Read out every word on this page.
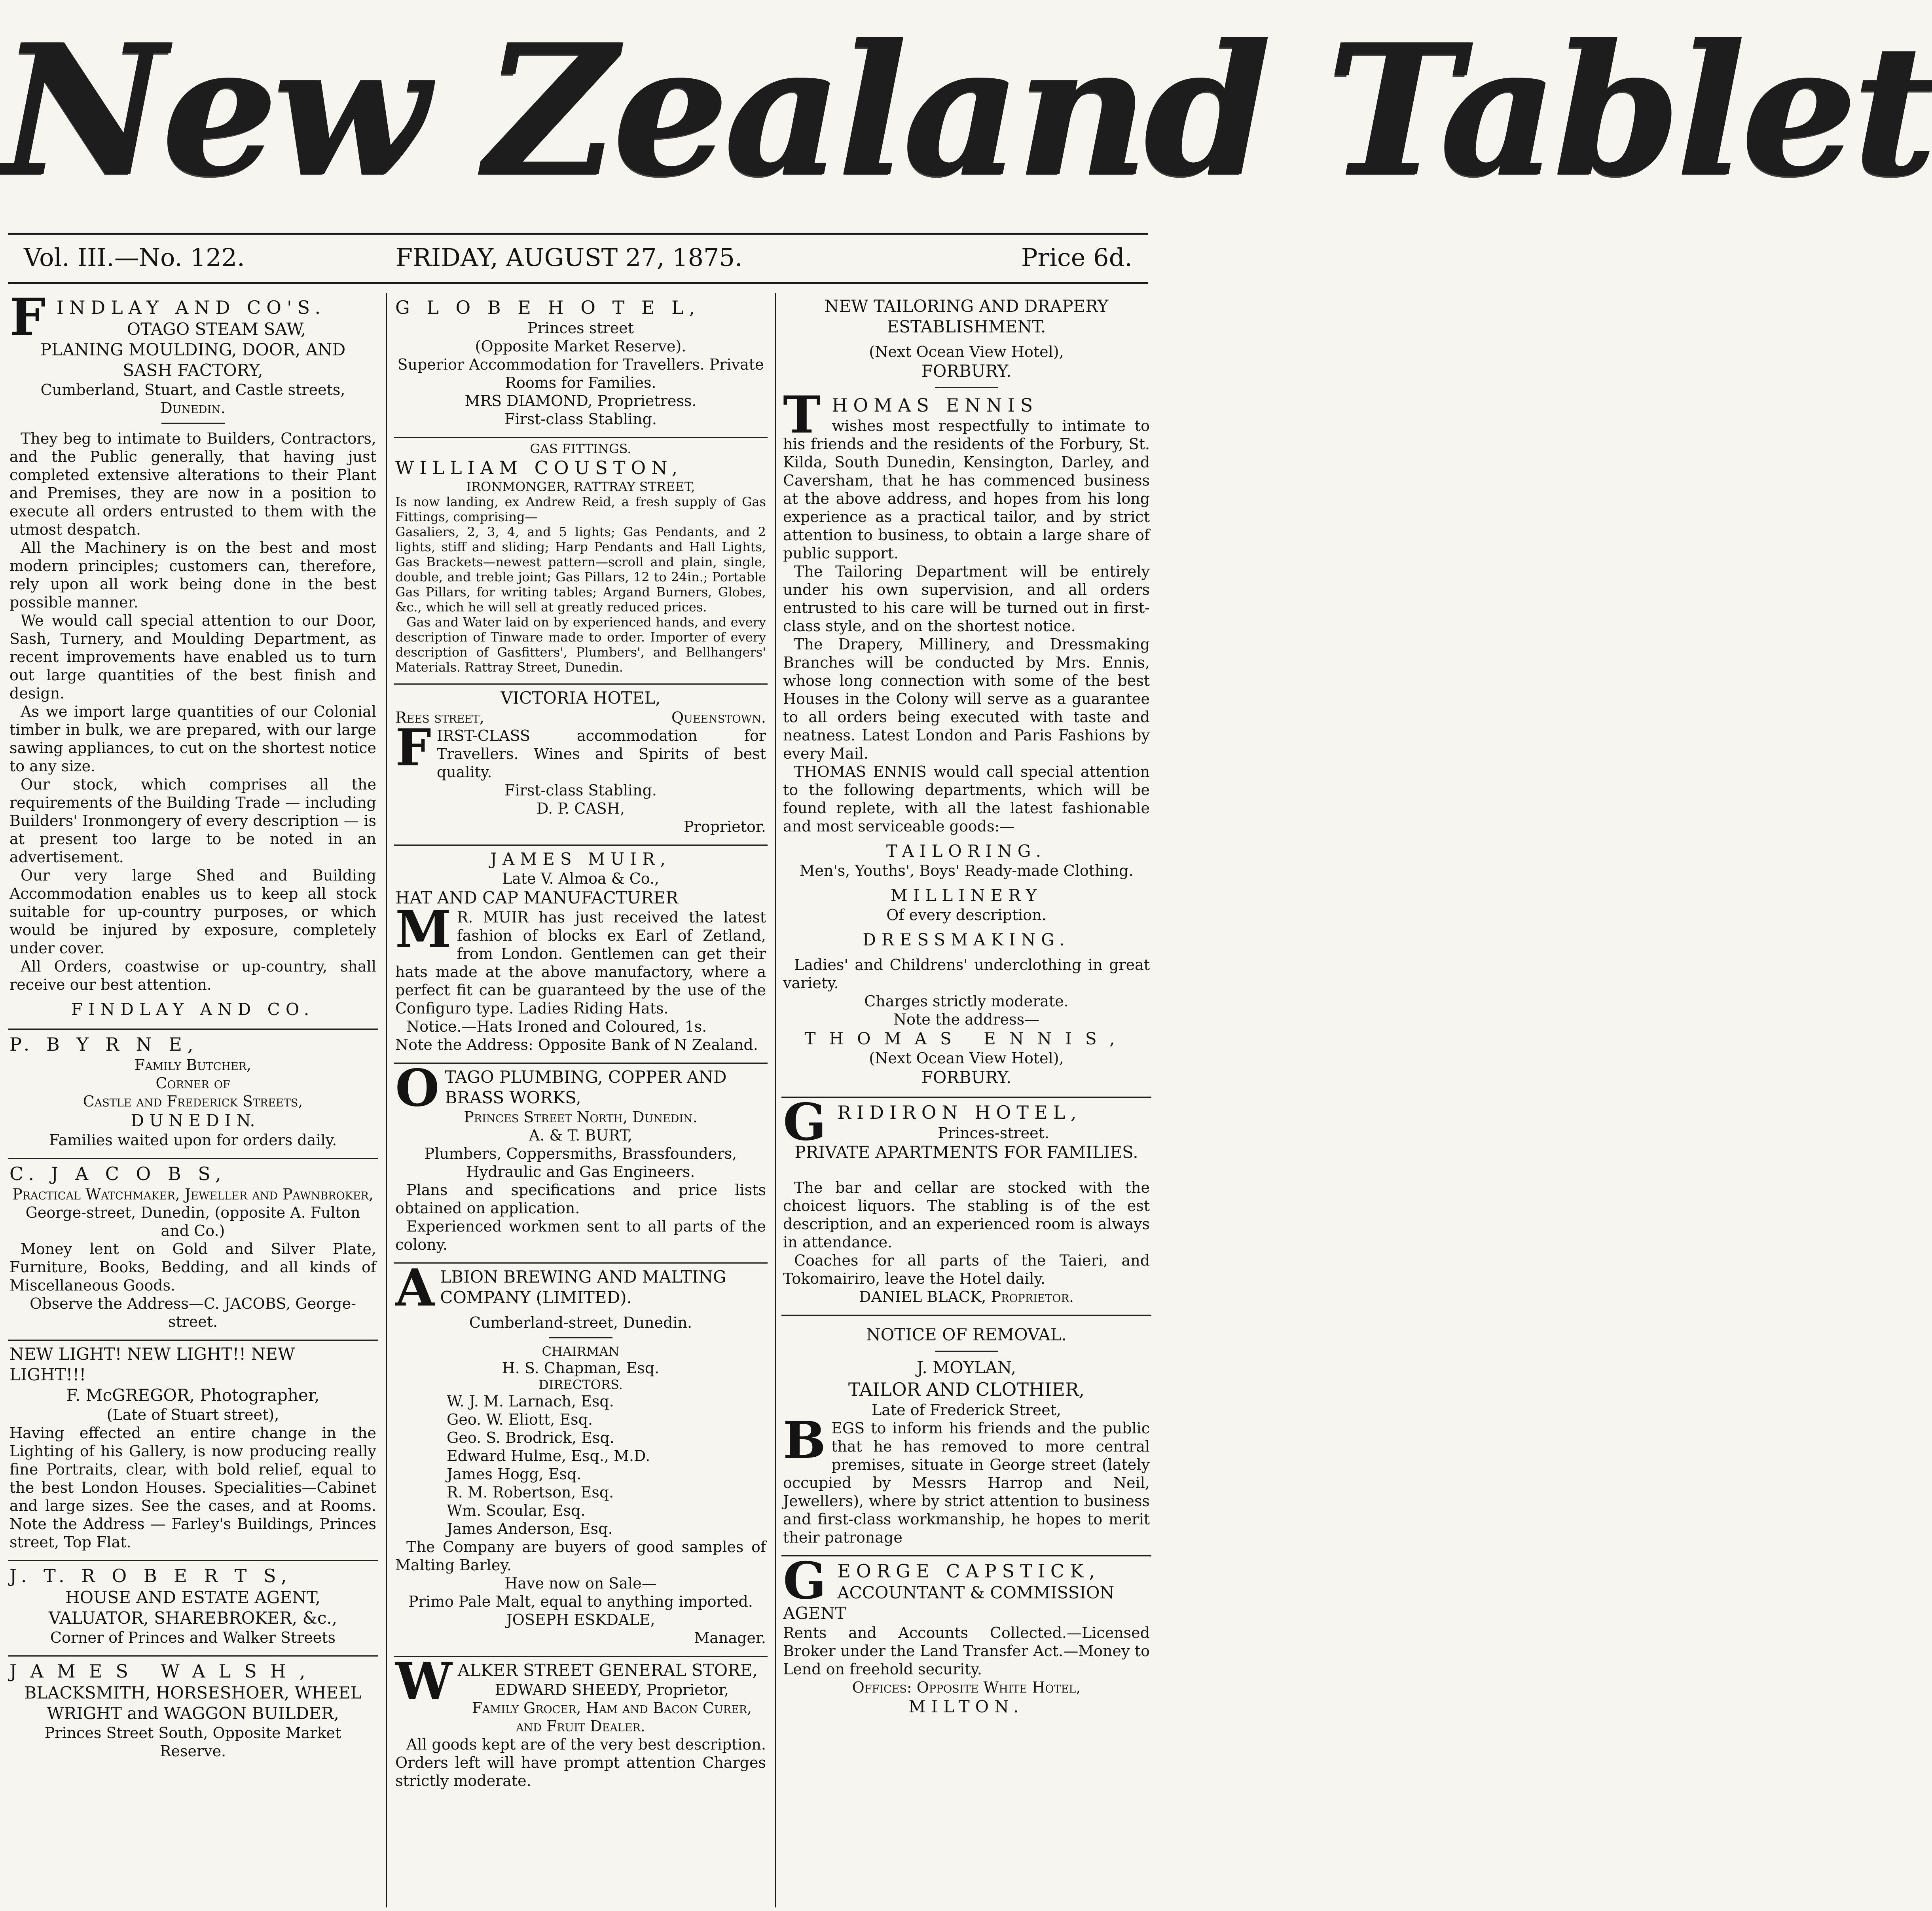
New Zealand Tablet
Vol. III.—No. 122.	FRIDAY, AUGUST 27, 1875.	Price 6d.

FINDLAY AND CO'S.

OTAGO STEAM SAW,

PLANING MOULDING, DOOR, AND

SASH FACTORY,

Cumberland, Stuart, and Castle streets,

Dunedin.

They beg to intimate to Builders, Contractors, and the Public generally, that having just completed extensive alterations to their Plant and Premises, they are now in a position to execute all orders entrusted to them with the utmost despatch.

All the Machinery is on the best and most modern principles; customers can, therefore, rely upon all work being done in the best possible manner.

We would call special attention to our Door, Sash, Turnery, and Moulding Department, as recent improvements have enabled us to turn out large quantities of the best finish and design.

As we import large quantities of our Colonial timber in bulk, we are prepared, with our large sawing appliances, to cut on the shortest notice to any size.

Our stock, which comprises all the requirements of the Building Trade — including Builders' Ironmongery of every description — is at present too large to be noted in an advertisement.

Our very large Shed and Building Accommodation enables us to keep all stock suitable for up-country purposes, or which would be injured by exposure, completely under cover.

All Orders, coastwise or up-country, shall receive our best attention.

FINDLAY AND CO.

P. B Y R N E,

Family Butcher,

Corner of

Castle and Frederick Streets,

D U N E D I N.

Families waited upon for orders daily.

C. J A C O B S,

Practical Watchmaker, Jeweller and Pawnbroker,

George-street, Dunedin, (opposite A. Fulton and Co.)

Money lent on Gold and Silver Plate, Furniture, Books, Bedding, and all kinds of Miscellaneous Goods.

Observe the Address—C. JACOBS, George-street.

NEW LIGHT! NEW LIGHT!! NEW LIGHT!!!

F. McGREGOR, Photographer,

(Late of Stuart street),

Having effected an entire change in the Lighting of his Gallery, is now producing really fine Portraits, clear, with bold relief, equal to the best London Houses. Specialities—Cabinet and large sizes. See the cases, and at Rooms. Note the Address — Farley's Buildings, Princes street, Top Flat.

J. T. R O B E R T S,

HOUSE AND ESTATE AGENT,

VALUATOR, SHAREBROKER, &c.,

Corner of Princes and Walker Streets

JAMES WALSH,

BLACKSMITH, HORSESHOER, WHEEL

WRIGHT and WAGGON BUILDER,

Princes Street South, Opposite Market Reserve.

G L O B E H O T E L,

Princes street

(Opposite Market Reserve).

Superior Accommodation for Travellers. Private Rooms for Families.

MRS DIAMOND, Proprietress.

First-class Stabling.

GAS FITTINGS.

WILLIAM COUSTON,

IRONMONGER, RATTRAY STREET,

Is now landing, ex Andrew Reid, a fresh supply of Gas Fittings, comprising—

Gasaliers, 2, 3, 4, and 5 lights; Gas Pendants, and 2 lights, stiff and sliding; Harp Pendants and Hall Lights, Gas Brackets—newest pattern—scroll and plain, single, double, and treble joint; Gas Pillars, 12 to 24in.; Portable Gas Pillars, for writing tables; Argand Burners, Globes, &c., which he will sell at greatly reduced prices.

Gas and Water laid on by experienced hands, and every description of Tinware made to order. Importer of every description of Gasfitters', Plumbers', and Bellhangers' Materials. Rattray Street, Dunedin.

VICTORIA HOTEL,

Rees street,	Queenstown.

FIRST-CLASS accommodation for Travellers. Wines and Spirits of best quality.

First-class Stabling.

D. P. CASH,

Proprietor.

JAMES MUIR,

Late V. Almoa & Co.,

HAT AND CAP MANUFACTURER

M R. MUIR has just received the latest fashion of blocks ex Earl of Zetland, from London. Gentlemen can get their hats made at the above manufactory, where a perfect fit can be guaranteed by the use of the Configuro type. Ladies Riding Hats.

Notice.—Hats Ironed and Coloured, 1s.

Note the Address: Opposite Bank of N Zealand.

OTAGO PLUMBING, COPPER AND BRASS WORKS,

Princes Street North, Dunedin.

A. & T. BURT,

Plumbers, Coppersmiths, Brassfounders, Hydraulic and Gas Engineers.

Plans and specifications and price lists obtained on application.

Experienced workmen sent to all parts of the colony.

ALBION BREWING AND MALTING COMPANY (LIMITED).

Cumberland-street, Dunedin.

CHAIRMAN

H. S. Chapman, Esq.

DIRECTORS.

W. J. M. Larnach, Esq.
Geo. W. Eliott, Esq.
Geo. S. Brodrick, Esq.
Edward Hulme, Esq., M.D.
James Hogg, Esq.
R. M. Robertson, Esq.
Wm. Scoular, Esq.
James Anderson, Esq.

The Company are buyers of good samples of Malting Barley.

Have now on Sale—

Primo Pale Malt, equal to anything imported.

JOSEPH ESKDALE,

Manager.

WALKER STREET GENERAL STORE,

EDWARD SHEEDY, Proprietor,

Family Grocer, Ham and Bacon Curer, and Fruit Dealer.

All goods kept are of the very best description. Orders left will have prompt attention Charges strictly moderate.

NEW TAILORING AND DRAPERY ESTABLISHMENT.

(Next Ocean View Hotel),

FORBURY.

THOMAS ENNIS

wishes most respectfully to intimate to his friends and the residents of the Forbury, St. Kilda, South Dunedin, Kensington, Darley, and Caversham, that he has commenced business at the above address, and hopes from his long experience as a practical tailor, and by strict attention to business, to obtain a large share of public support.

The Tailoring Department will be entirely under his own supervision, and all orders entrusted to his care will be turned out in first-class style, and on the shortest notice.

The Drapery, Millinery, and Dressmaking Branches will be conducted by Mrs. Ennis, whose long connection with some of the best Houses in the Colony will serve as a guarantee to all orders being executed with taste and neatness. Latest London and Paris Fashions by every Mail.

THOMAS ENNIS would call special attention to the following departments, which will be found replete, with all the latest fashionable and most serviceable goods:—

TAILORING.

Men's, Youths', Boys' Ready-made Clothing.

MILLINERY

Of every description.

DRESSMAKING.

Ladies' and Childrens' underclothing in great variety.

Charges strictly moderate.

Note the address—

THOMAS ENNIS,

(Next Ocean View Hotel),

FORBURY.

GRIDIRON HOTEL,

Princes-street.

PRIVATE APARTMENTS FOR FAMILIES.

The bar and cellar are stocked with the choicest liquors. The stabling is of the est description, and an experienced room is always in attendance.

Coaches for all parts of the Taieri, and Tokomairiro, leave the Hotel daily.

DANIEL BLACK, Proprietor.

NOTICE OF REMOVAL.

J. MOYLAN,

TAILOR AND CLOTHIER,

Late of Frederick Street,

BEGS to inform his friends and the public that he has removed to more central premises, situate in George street (lately occupied by Messrs Harrop and Neil, Jewellers), where by strict attention to business and first-class workmanship, he hopes to merit their patronage

GEORGE CAPSTICK,

ACCOUNTANT & COMMISSION AGENT

Rents and Accounts Collected.—Licensed Broker under the Land Transfer Act.—Money to Lend on freehold security.

Offices: Opposite White Hotel,

MILTON.
